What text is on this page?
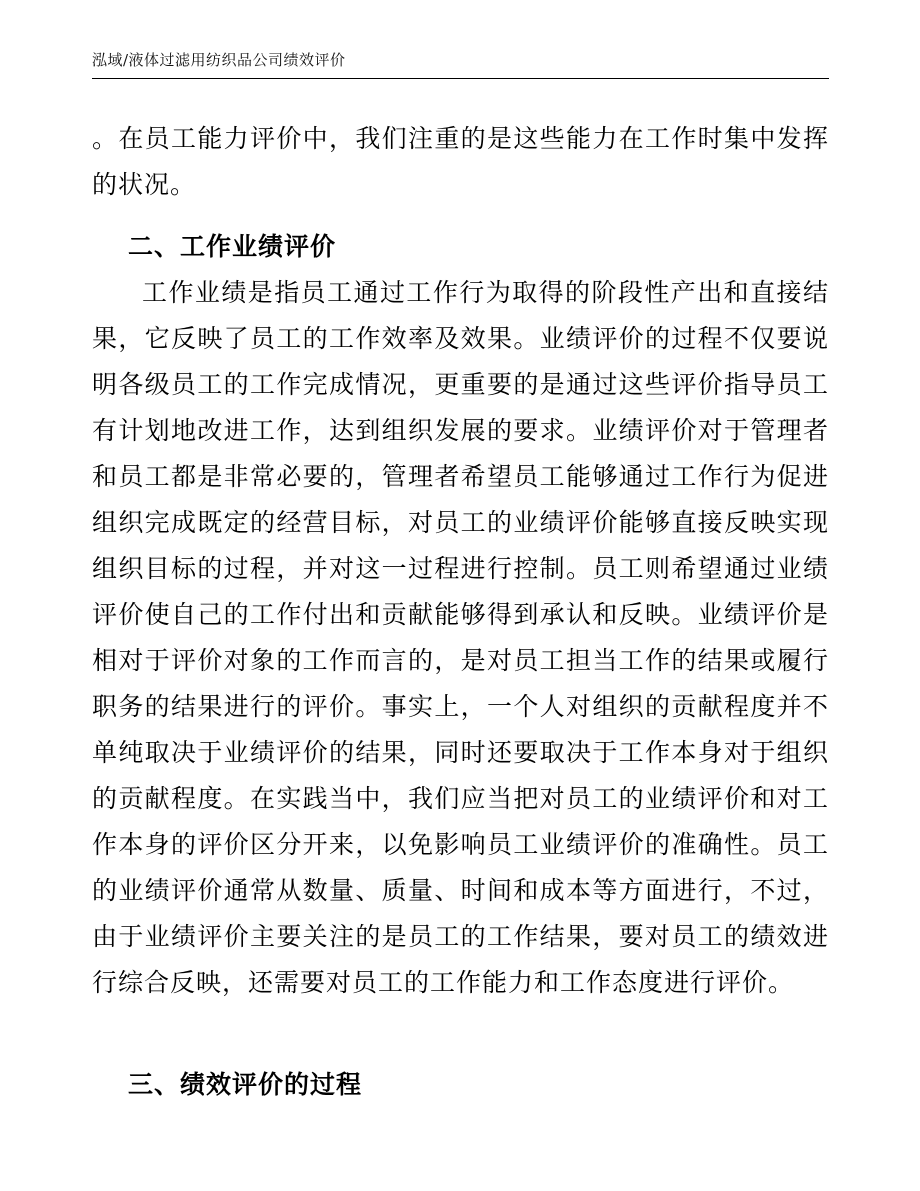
泓域/液体过滤用纺织品公司绩效评价

。在员工能力评价中，我们注重的是这些能力在工作时集中发挥的状况。

二、工作业绩评价

工作业绩是指员工通过工作行为取得的阶段性产出和直接结果，它反映了员工的工作效率及效果。业绩评价的过程不仅要说明各级员工的工作完成情况，更重要的是通过这些评价指导员工有计划地改进工作，达到组织发展的要求。业绩评价对于管理者和员工都是非常必要的，管理者希望员工能够通过工作行为促进组织完成既定的经营目标，对员工的业绩评价能够直接反映实现组织目标的过程，并对这一过程进行控制。员工则希望通过业绩评价使自己的工作付出和贡献能够得到承认和反映。业绩评价是相对于评价对象的工作而言的，是对员工担当工作的结果或履行职务的结果进行的评价。事实上，一个人对组织的贡献程度并不单纯取决于业绩评价的结果，同时还要取决于工作本身对于组织的贡献程度。在实践当中，我们应当把对员工的业绩评价和对工作本身的评价区分开来，以免影响员工业绩评价的准确性。员工的业绩评价通常从数量、质量、时间和成本等方面进行，不过，由于业绩评价主要关注的是员工的工作结果，要对员工的绩效进行综合反映，还需要对员工的工作能力和工作态度进行评价。

三、绩效评价的过程
